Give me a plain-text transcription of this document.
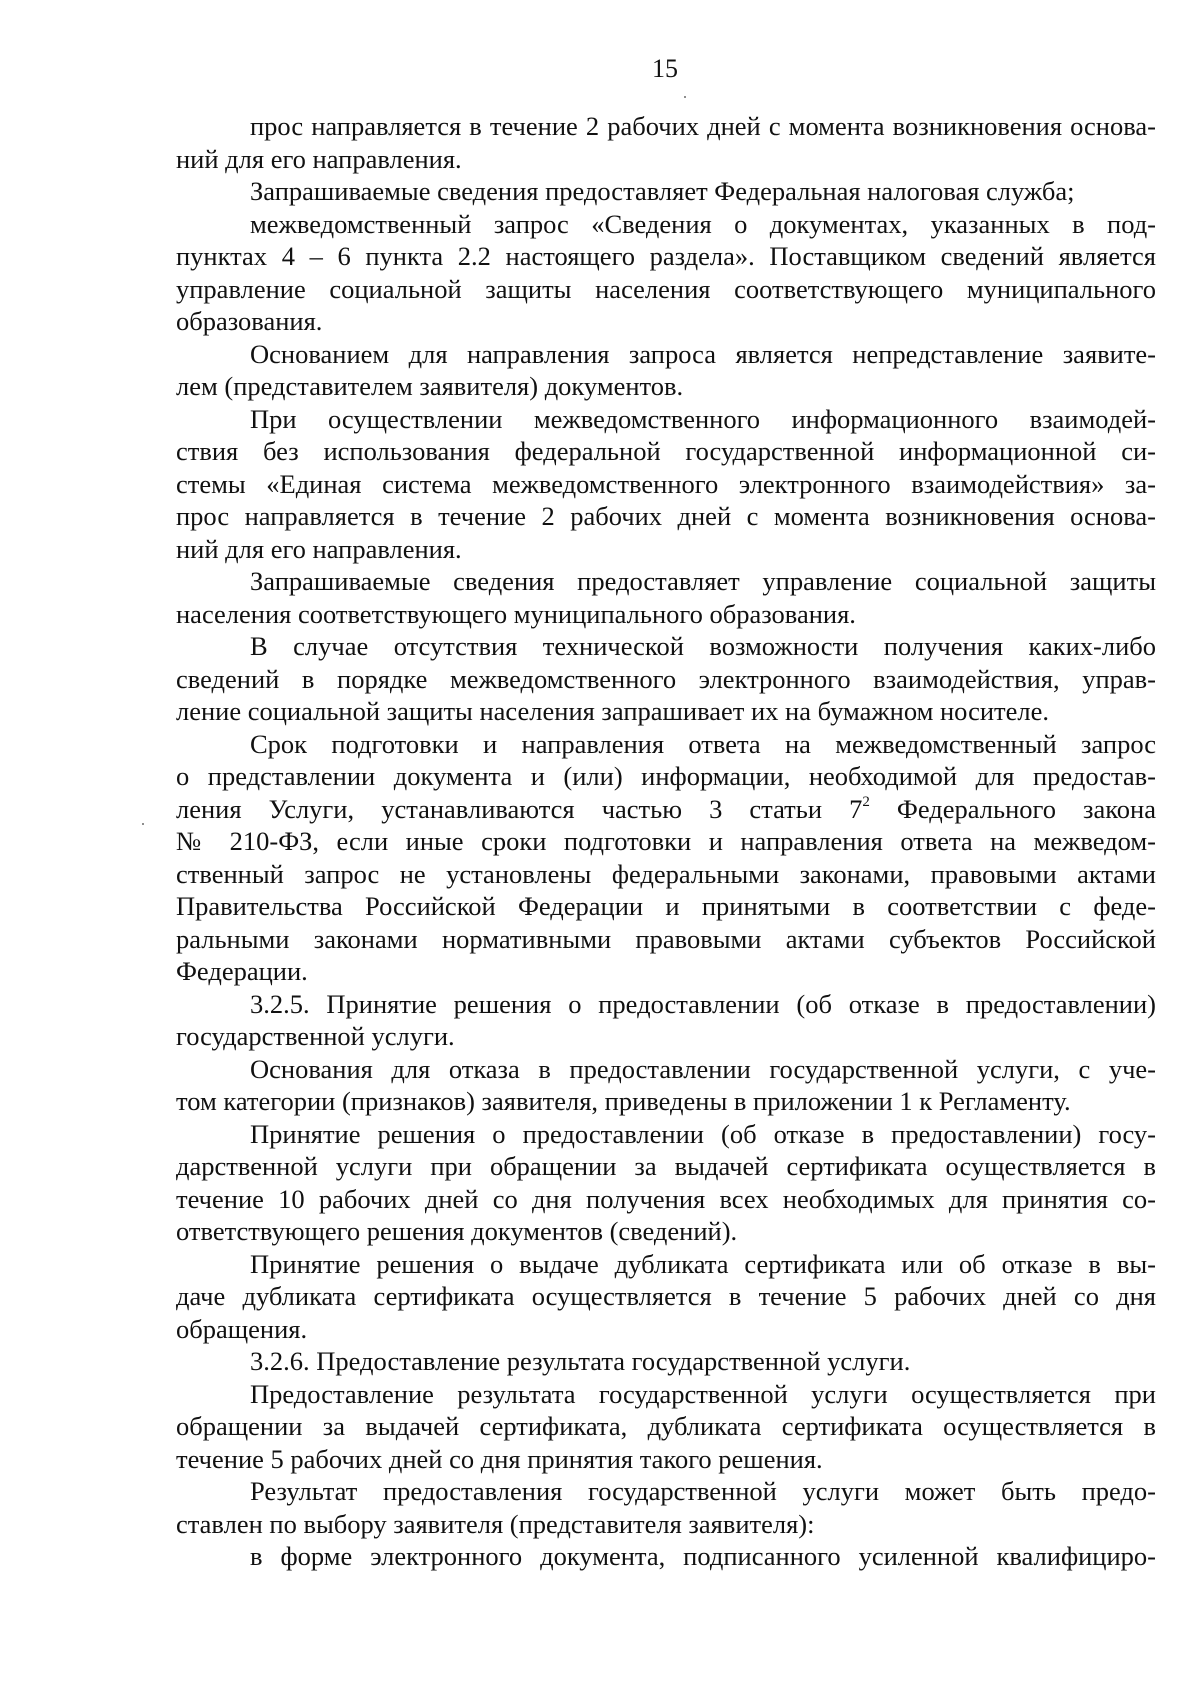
15
прос направляется в течение 2 рабочих дней с момента возникновения основа-
ний для его направления.
Запрашиваемые сведения предоставляет Федеральная налоговая служба;
межведомственный запрос «Сведения о документах, указанных в под-
пунктах 4 – 6 пункта 2.2 настоящего раздела». Поставщиком сведений является
управление социальной защиты населения соответствующего муниципального
образования.
Основанием для направления запроса является непредставление заявите-
лем (представителем заявителя) документов.
При осуществлении межведомственного информационного взаимодей-
ствия без использования федеральной государственной информационной си-
стемы «Единая система межведомственного электронного взаимодействия» за-
прос направляется в течение 2 рабочих дней с момента возникновения основа-
ний для его направления.
Запрашиваемые сведения предоставляет управление социальной защиты
населения соответствующего муниципального образования.
В случае отсутствия технической возможности получения каких-либо
сведений в порядке межведомственного электронного взаимодействия, управ-
ление социальной защиты населения запрашивает их на бумажном носителе.
Срок подготовки и направления ответа на межведомственный запрос
о представлении документа и (или) информации, необходимой для предостав-
ления Услуги, устанавливаются частью 3 статьи $7^2$ Федерального закона
№ 210-ФЗ, если иные сроки подготовки и направления ответа на межведом-
ственный запрос не установлены федеральными законами, правовыми актами
Правительства Российской Федерации и принятыми в соответствии с феде-
ральными законами нормативными правовыми актами субъектов Российской
Федерации.
3.2.5. Принятие решения о предоставлении (об отказе в предоставлении)
государственной услуги.
Основания для отказа в предоставлении государственной услуги, с уче-
том категории (признаков) заявителя, приведены в приложении 1 к Регламенту.
Принятие решения о предоставлении (об отказе в предоставлении) госу-
дарственной услуги при обращении за выдачей сертификата осуществляется в
течение 10 рабочих дней со дня получения всех необходимых для принятия со-
ответствующего решения документов (сведений).
Принятие решения о выдаче дубликата сертификата или об отказе в вы-
даче дубликата сертификата осуществляется в течение 5 рабочих дней со дня
обращения.
3.2.6. Предоставление результата государственной услуги.
Предоставление результата государственной услуги осуществляется при
обращении за выдачей сертификата, дубликата сертификата осуществляется в
течение 5 рабочих дней со дня принятия такого решения.
Результат предоставления государственной услуги может быть предо-
ставлен по выбору заявителя (представителя заявителя):
в форме электронного документа, подписанного усиленной квалифициро-
